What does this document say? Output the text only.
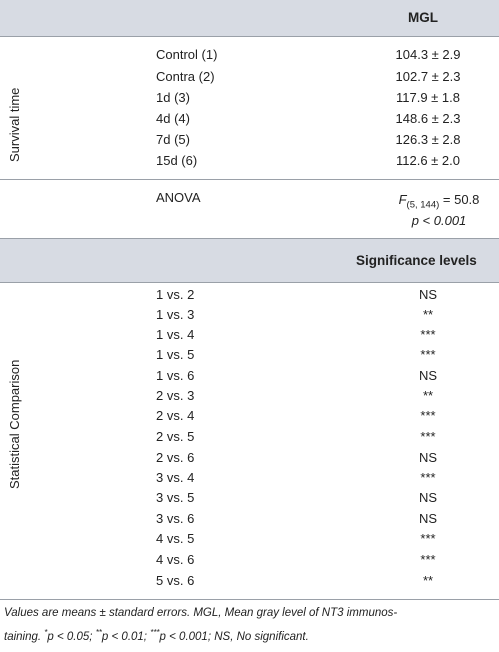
MGL
Significance levels
Survival time
Statistical Comparison
Control (1)	104.3 ± 2.9
Contra (2)	102.7 ± 2.3
1d (3)	117.9 ± 1.8
4d (4)	148.6 ± 2.3
7d (5)	126.3 ± 2.8
15d (6)	112.6 ± 2.0
ANOVA	$F_{(5, 144)} = 50.8$
p < 0.001
1 vs. 2	NS
1 vs. 3	**
1 vs. 4	***
1 vs. 5	***
1 vs. 6	NS
2 vs. 3	**
2 vs. 4	***
2 vs. 5	***
2 vs. 6	NS
3 vs. 4	***
3 vs. 5	NS
3 vs. 6	NS
4 vs. 5	***
4 vs. 6	***
5 vs. 6	**
Values are means ± standard errors. MGL, Mean gray level of NT3 immunos-
taining. *p < 0.05; **p < 0.01; ***p < 0.001; NS, No significant.
